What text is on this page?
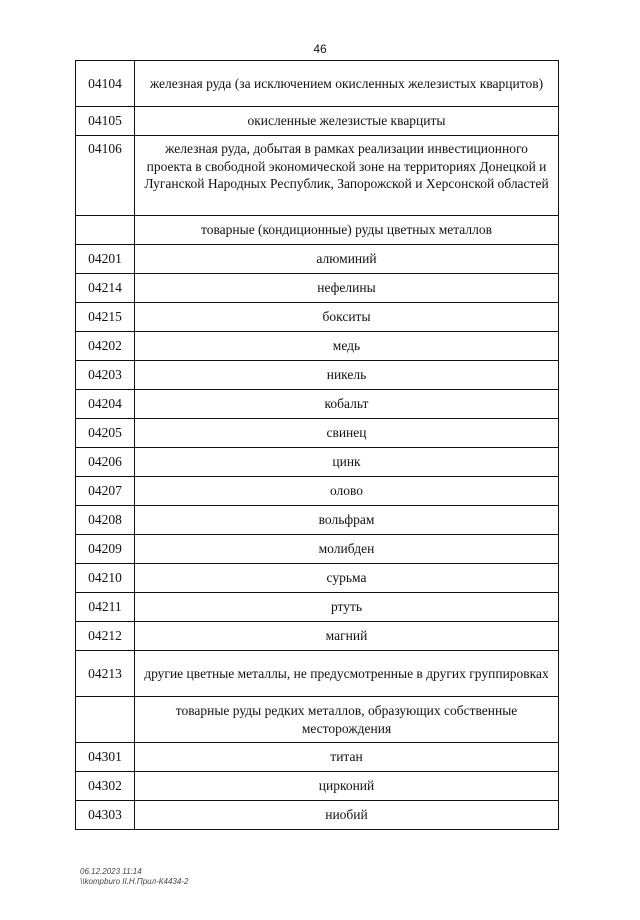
46
04104	железная руда (за исключением окисленных железистых кварцитов)
04105	окисленные железистые кварциты
04106	железная руда, добытая в рамках реализации инвестиционного проекта в свободной экономической зоне на территориях Донецкой и Луганской Народных Республик, Запорожской и Херсонской областей
	товарные (кондиционные) руды цветных металлов
04201	алюминий
04214	нефелины
04215	бокситы
04202	медь
04203	никель
04204	кобальт
04205	свинец
04206	цинк
04207	олово
04208	вольфрам
04209	молибден
04210	сурьма
04211	ртуть
04212	магний
04213	другие цветные металлы, не предусмотренные в других группировках
	товарные руды редких металлов, образующих собственные месторождения
04301	титан
04302	цирконий
04303	ниобий
06.12.2023 11:14
\\kompburo II.Н.Прил-К4434-2
